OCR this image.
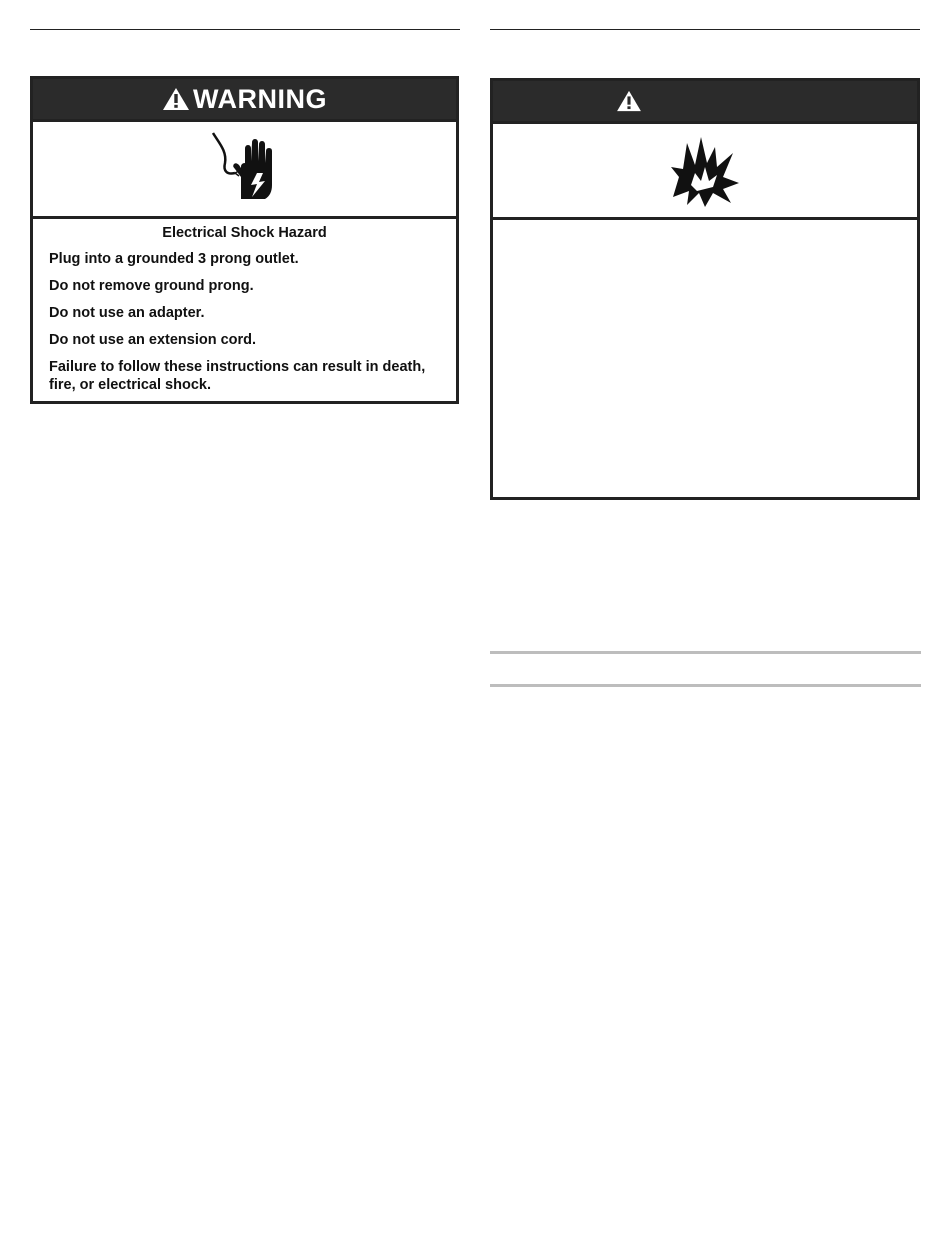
WARNING
Electrical Shock Hazard

Plug into a grounded 3 prong outlet.

Do not remove ground prong.

Do not use an adapter.

Do not use an extension cord.

Failure to follow these instructions can result in death, fire, or electrical shock.
